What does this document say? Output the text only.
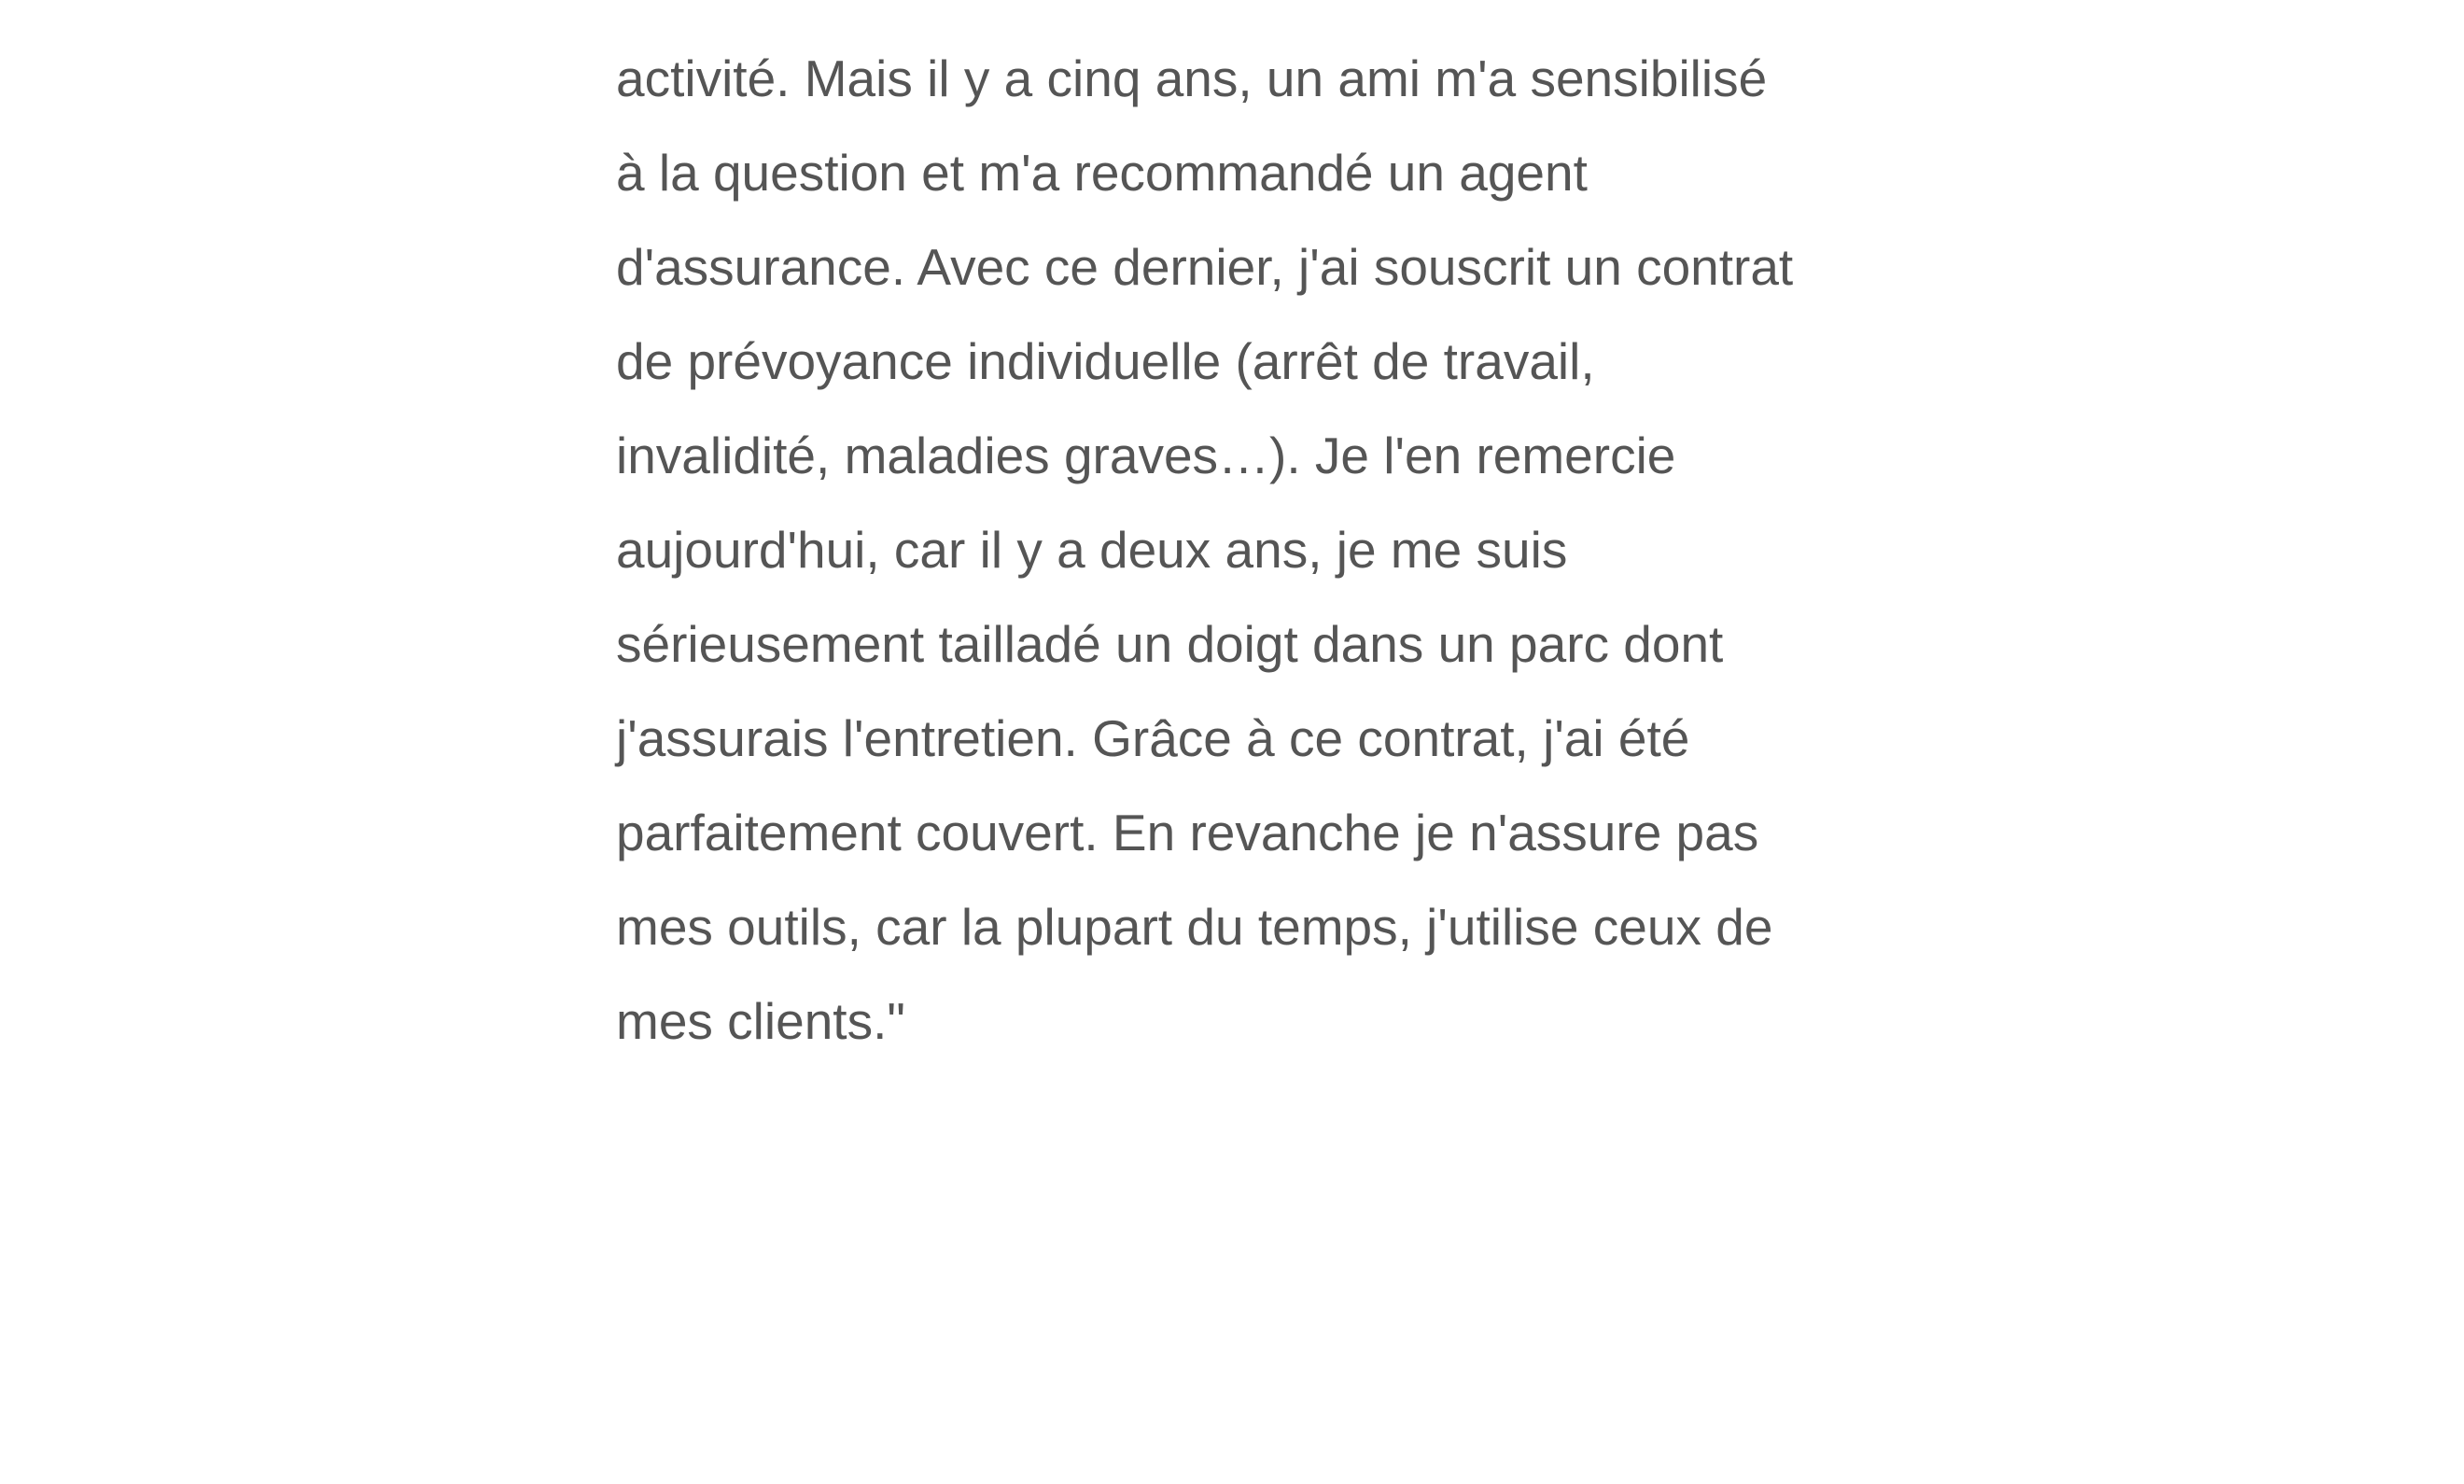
activité. Mais il y a cinq ans, un ami m'a sensibilisé
à la question et m'a recommandé un agent
d'assurance. Avec ce dernier, j'ai souscrit un contrat
de prévoyance individuelle (arrêt de travail,
invalidité, maladies graves…). Je l'en remercie
aujourd'hui, car il y a deux ans, je me suis
sérieusement tailladé un doigt dans un parc dont
j'assurais l'entretien. Grâce à ce contrat, j'ai été
parfaitement couvert. En revanche je n'assure pas
mes outils, car la plupart du temps, j'utilise ceux de
mes clients."
